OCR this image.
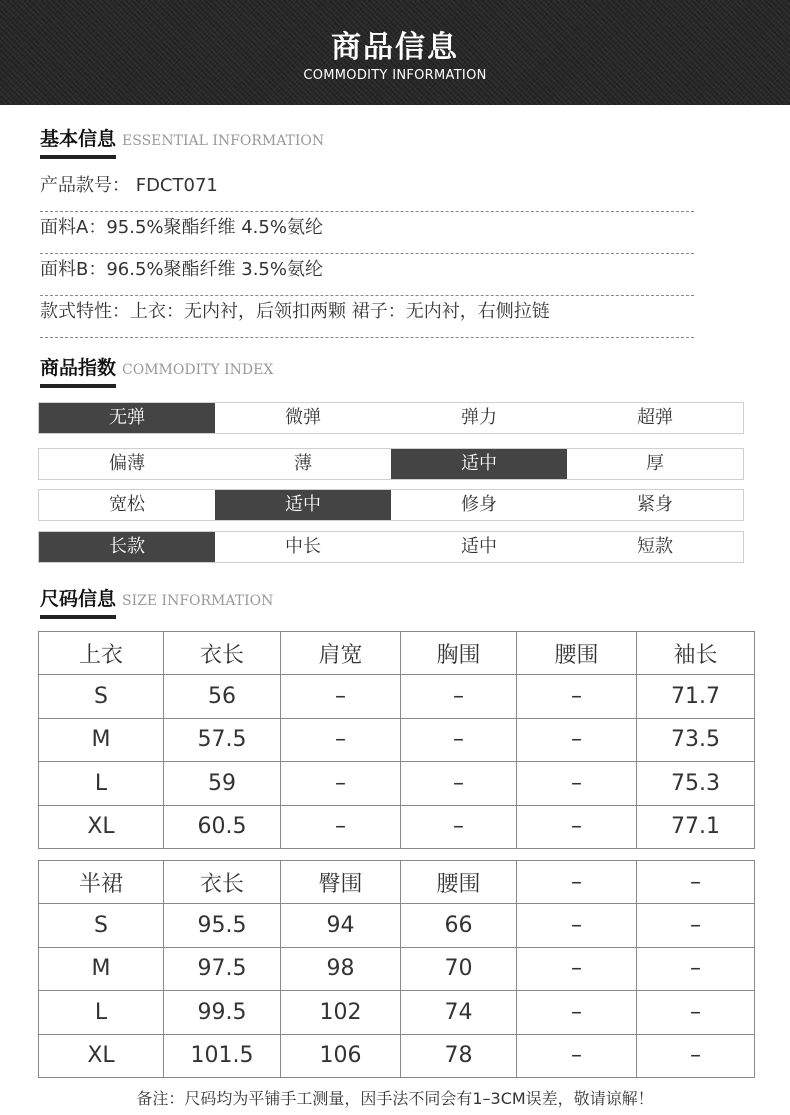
商品信息
COMMODITY INFORMATION
基本信息 ESSENTIAL INFORMATION
产品款号： FDCT071
面料A：95.5%聚酯纤维 4.5%氨纶
面料B：96.5%聚酯纤维 3.5%氨纶
款式特性：上衣：无内衬，后领扣两颗 裙子：无内衬，右侧拉链
商品指数 COMMODITY INDEX
无弹	微弹	弹力	超弹
偏薄	薄	适中	厚
宽松	适中	修身	紧身
长款	中长	适中	短款
尺码信息 SIZE INFORMATION
上衣	衣长	肩宽	胸围	腰围	袖长
S	56	–	–	–	71.7
M	57.5	–	–	–	73.5
L	59	–	–	–	75.3
XL	60.5	–	–	–	77.1
半裙	衣长	臀围	腰围	–	–
S	95.5	94	66	–	–
M	97.5	98	70	–	–
L	99.5	102	74	–	–
XL	101.5	106	78	–	–
备注：尺码均为平铺手工测量，因手法不同会有1–3CM误差，敬请谅解！
